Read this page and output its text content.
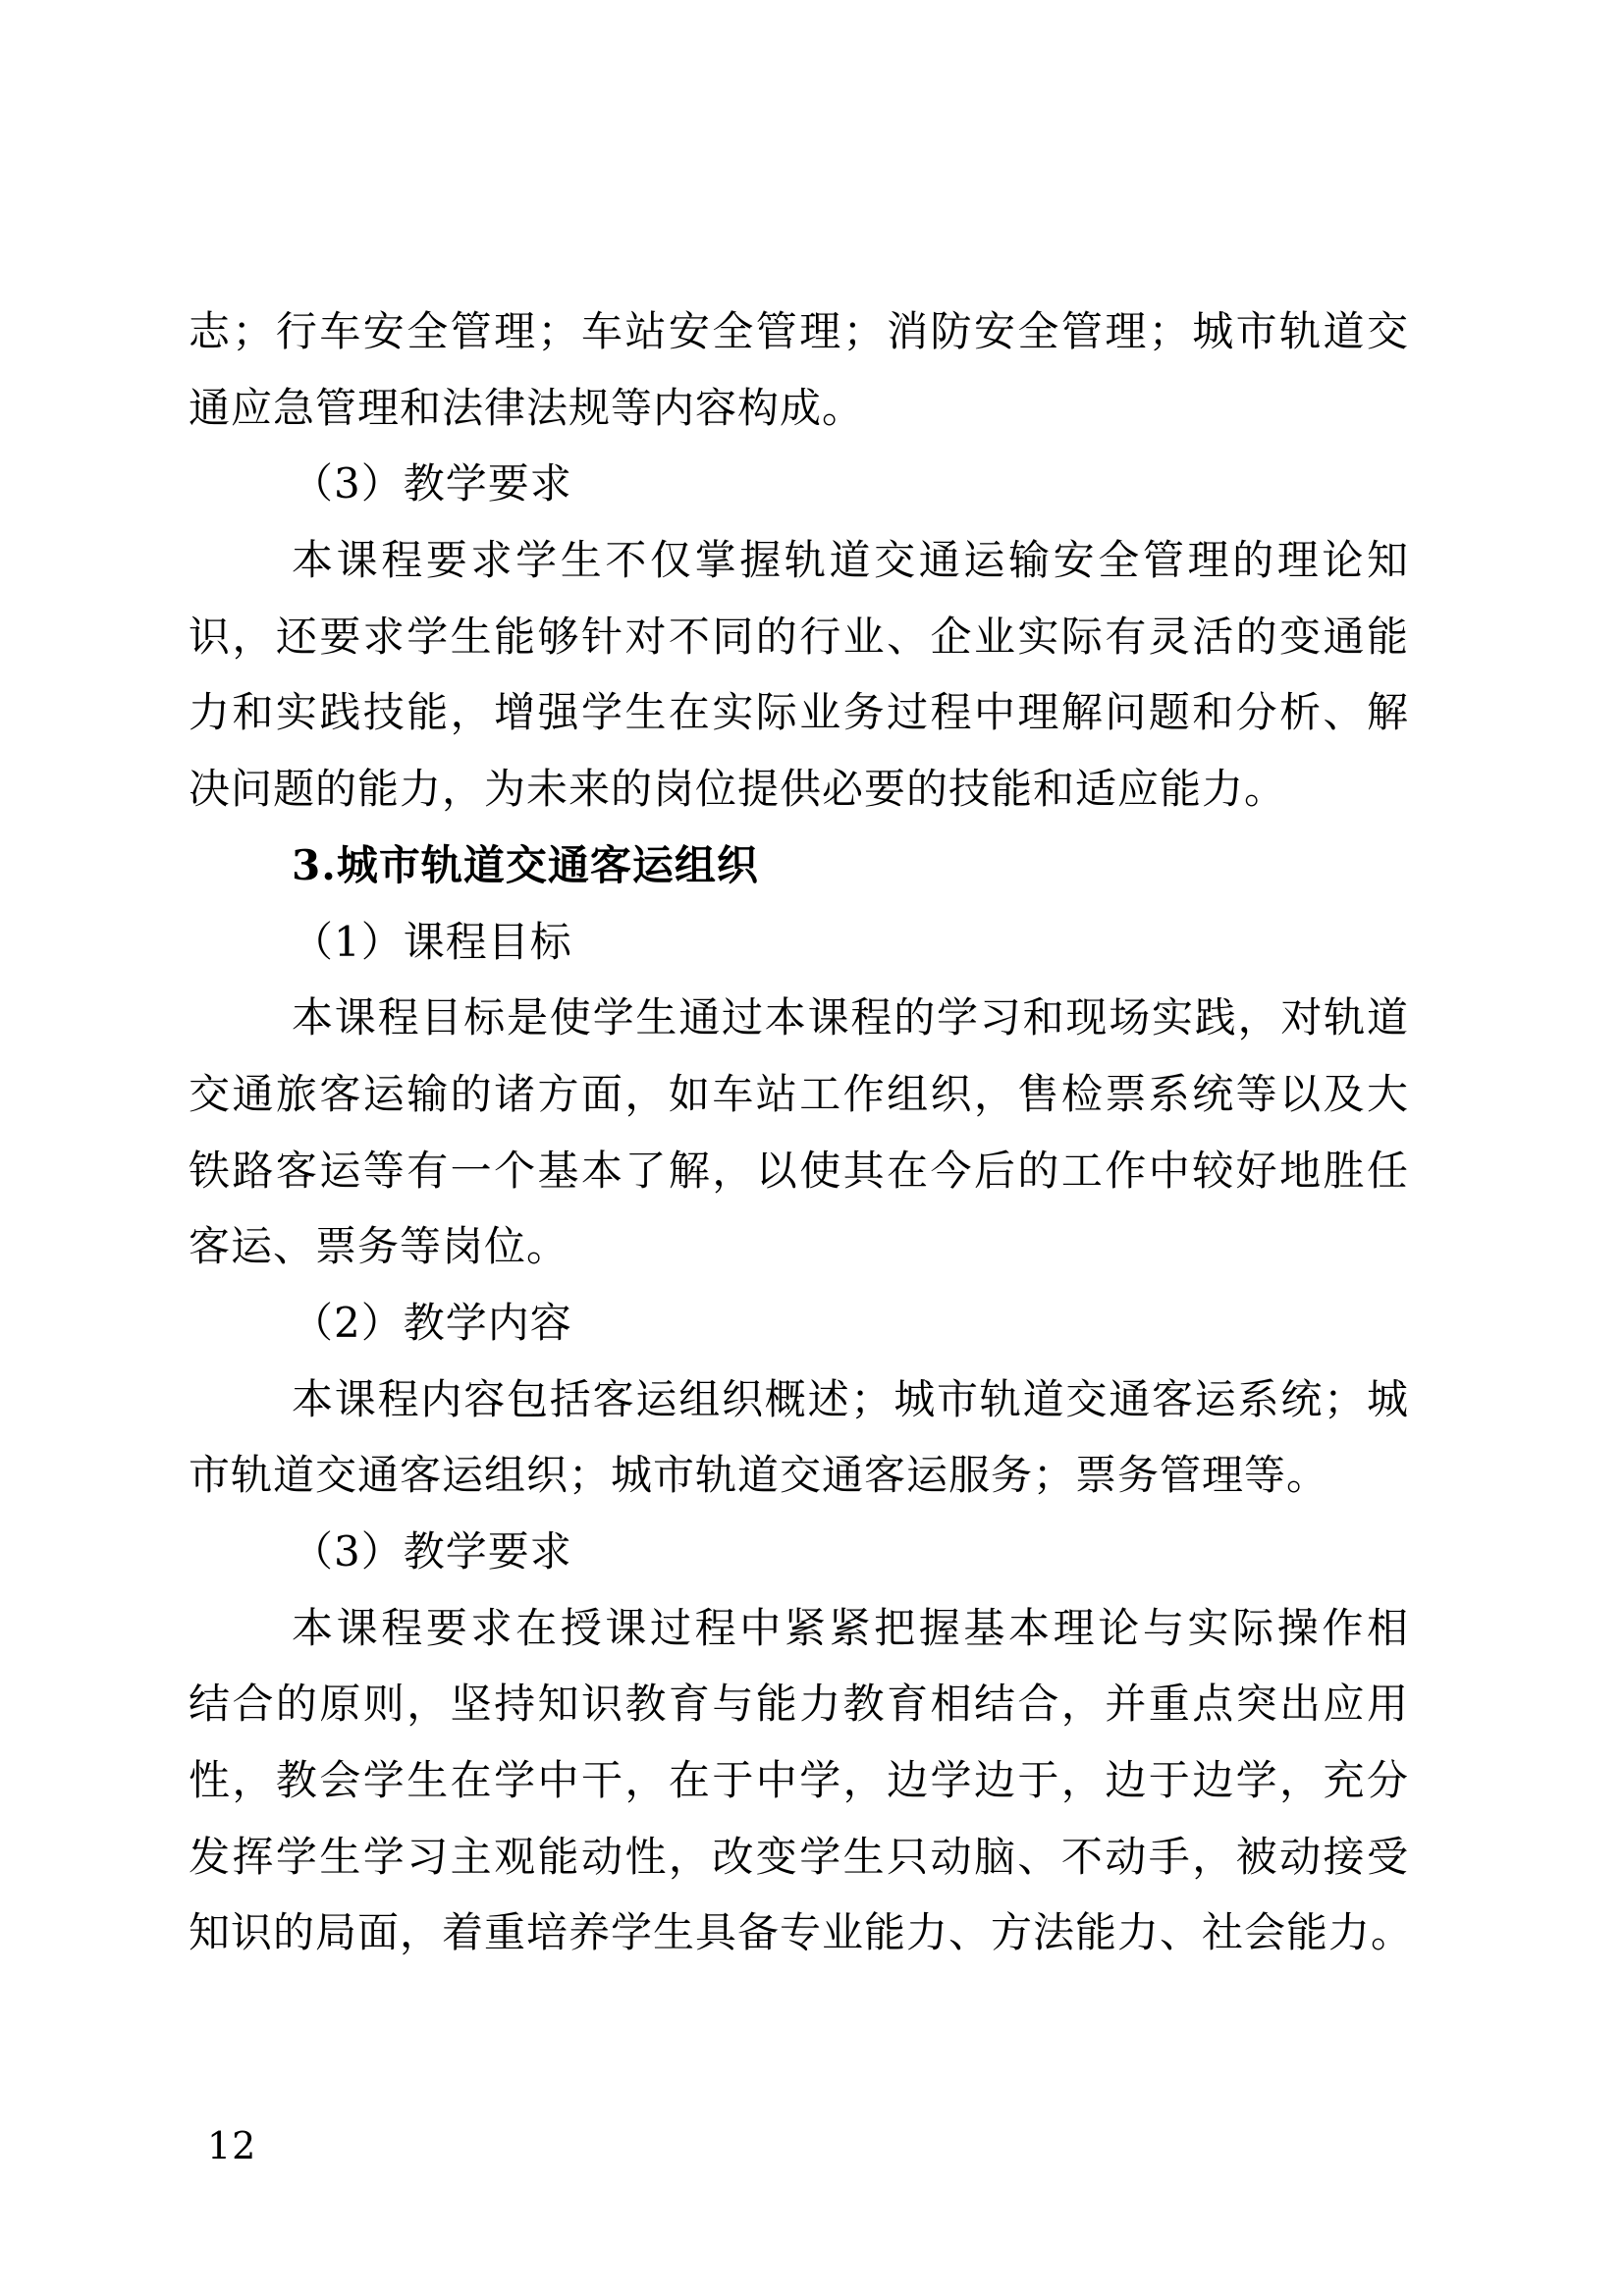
志；行车安全管理；车站安全管理；消防安全管理；城市轨道交
通应急管理和法律法规等内容构成。
（3）教学要求
本课程要求学生不仅掌握轨道交通运输安全管理的理论知
识，还要求学生能够针对不同的行业、企业实际有灵活的变通能
力和实践技能，增强学生在实际业务过程中理解问题和分析、解
决问题的能力，为未来的岗位提供必要的技能和适应能力。
3.城市轨道交通客运组织
（1）课程目标
本课程目标是使学生通过本课程的学习和现场实践，对轨道
交通旅客运输的诸方面，如车站工作组织，售检票系统等以及大
铁路客运等有一个基本了解，以使其在今后的工作中较好地胜任
客运、票务等岗位。
（2）教学内容
本课程内容包括客运组织概述；城市轨道交通客运系统；城
市轨道交通客运组织；城市轨道交通客运服务；票务管理等。
（3）教学要求
本课程要求在授课过程中紧紧把握基本理论与实际操作相
结合的原则，坚持知识教育与能力教育相结合，并重点突出应用
性，教会学生在学中干，在于中学，边学边于，边于边学，充分
发挥学生学习主观能动性，改变学生只动脑、不动手，被动接受
知识的局面，着重培养学生具备专业能力、方法能力、社会能力。
12
